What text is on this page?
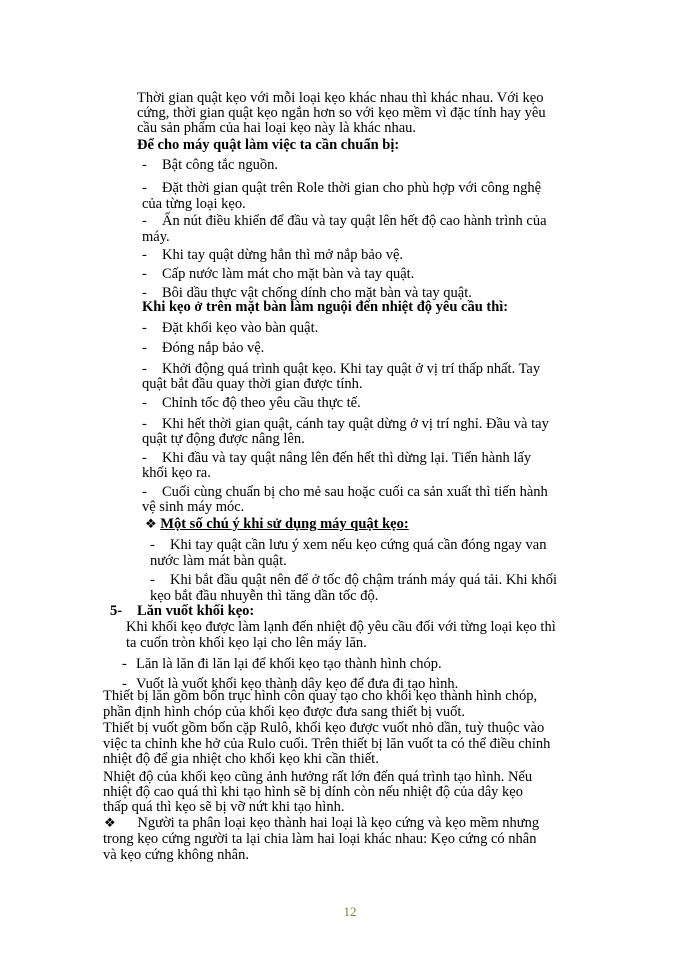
Thời gian quật kẹo với mỗi loại kẹo khác nhau thì khác nhau. Với kẹo
cứng, thời gian quật kẹo ngắn hơn so với kẹo mềm vì đặc tính hay yêu
cầu sản phẩm của hai loại kẹo này là khác nhau.
Để cho máy quật làm việc ta cần chuẩn bị:
- Bật công tắc nguồn.
- Đặt thời gian quật trên Role thời gian cho phù hợp với công nghệ
của từng loại kẹo.
- Ấn nút điều khiển để đầu và tay quật lên hết độ cao hành trình của
máy.
- Khi tay quật dừng hẳn thì mở nắp bảo vệ.
- Cấp nước làm mát cho mặt bàn và tay quật.
- Bôi dầu thực vật chống dính cho mặt bàn và tay quật.
Khi kẹo ở trên mặt bàn làm nguội đến nhiệt độ yêu cầu thì:
- Đặt khối kẹo vào bàn quật.
- Đóng nắp bảo vệ.
- Khởi động quá trình quật kẹo. Khi tay quật ở vị trí thấp nhất. Tay
quật bắt đầu quay thời gian được tính.
- Chỉnh tốc độ theo yêu cầu thực tế.
- Khi hết thời gian quật, cánh tay quật dừng ở vị trí nghỉ. Đầu và tay
quật tự động được nâng lên.
- Khi đầu và tay quật nâng lên đến hết thì dừng lại. Tiến hành lấy
khối kẹo ra.
- Cuối cùng chuẩn bị cho mẻ sau hoặc cuối ca sản xuất thì tiến hành
vệ sinh máy móc.
❖ Một số chú ý khi sử dụng máy quật kẹo:
- Khi tay quật cần lưu ý xem nếu kẹo cứng quá cần đóng ngay van
nước làm mát bàn quật.
- Khi bắt đầu quật nên để ở tốc độ chậm tránh máy quá tải. Khi khối
kẹo bắt đầu nhuyễn thì tăng dần tốc độ.
5- Lăn vuốt khối kẹo:
Khi khối kẹo được làm lạnh đến nhiệt độ yêu cầu đối với từng loại kẹo thì
ta cuốn tròn khối kẹo lại cho lên máy lăn.
- Lăn là lăn đi lăn lại để khối kẹo tạo thành hình chóp.
- Vuốt là vuốt khối kẹo thành dây kẹo để đưa đi tạo hình.
Thiết bị lăn gồm bốn trục hình côn quay tạo cho khối kẹo thành hình chóp,
phần định hình chóp của khối kẹo được đưa sang thiết bị vuốt.
Thiết bị vuốt gồm bốn cặp Rulô, khối kẹo được vuốt nhỏ dần, tuỳ thuộc vào
việc ta chỉnh khe hở của Rulo cuối. Trên thiết bị lăn vuốt ta có thể điều chỉnh
nhiệt độ để gia nhiệt cho khối kẹo khi cần thiết.
Nhiệt độ của khối kẹo cũng ảnh hưởng rất lớn đến quá trình tạo hình. Nếu
nhiệt độ cao quá thì khi tạo hình sẽ bị dính còn nếu nhiệt độ của dây kẹo
thấp quá thì kẹo sẽ bị vỡ nứt khi tạo hình.
❖ Người ta phân loại kẹo thành hai loại là kẹo cứng và kẹo mềm nhưng
trong kẹo cứng người ta lại chia làm hai loại khác nhau: Kẹo cứng có nhân
và kẹo cứng không nhân.
12
